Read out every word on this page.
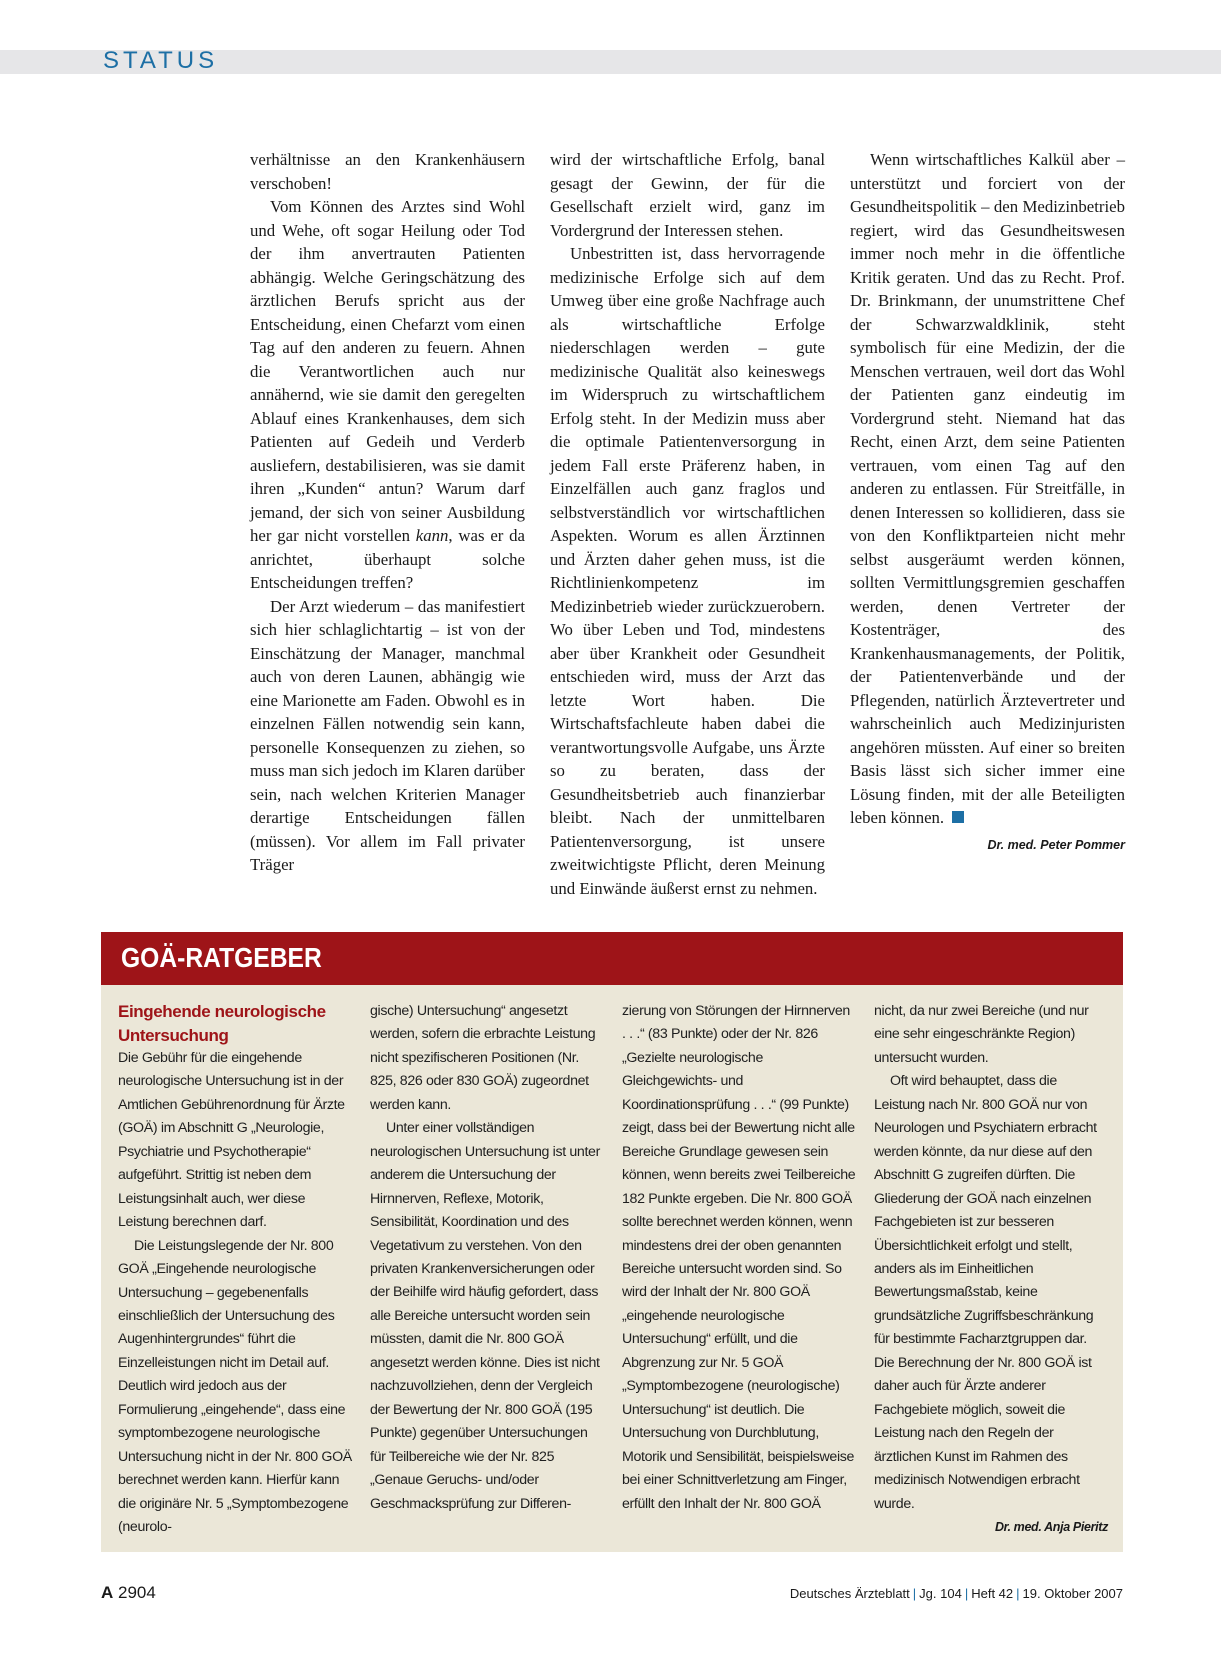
STATUS

verhältnisse an den Krankenhäusern verschoben!

Vom Können des Arztes sind Wohl und Wehe, oft sogar Heilung oder Tod der ihm anvertrauten Patienten abhängig. Welche Geringschätzung des ärztlichen Berufs spricht aus der Entscheidung, einen Chefarzt vom einen Tag auf den anderen zu feuern. Ahnen die Verantwortlichen auch nur annähernd, wie sie damit den geregelten Ablauf eines Krankenhauses, dem sich Patienten auf Gedeih und Verderb ausliefern, destabilisieren, was sie damit ihren „Kunden“ antun? Warum darf jemand, der sich von seiner Ausbildung her gar nicht vorstellen kann, was er da anrichtet, überhaupt solche Entscheidungen treffen?

Der Arzt wiederum – das manifestiert sich hier schlaglichtartig – ist von der Einschätzung der Manager, manchmal auch von deren Launen, abhängig wie eine Marionette am Faden. Obwohl es in einzelnen Fällen notwendig sein kann, personelle Konsequenzen zu ziehen, so muss man sich jedoch im Klaren darüber sein, nach welchen Kriterien Manager derartige Entscheidungen fällen (müssen). Vor allem im Fall privater Träger

wird der wirtschaftliche Erfolg, banal gesagt der Gewinn, der für die Gesellschaft erzielt wird, ganz im Vordergrund der Interessen stehen.

Unbestritten ist, dass hervorragende medizinische Erfolge sich auf dem Umweg über eine große Nachfrage auch als wirtschaftliche Erfolge niederschlagen werden – gute medizinische Qualität also keineswegs im Widerspruch zu wirtschaftlichem Erfolg steht. In der Medizin muss aber die optimale Patientenversorgung in jedem Fall erste Präferenz haben, in Einzelfällen auch ganz fraglos und selbstverständlich vor wirtschaftlichen Aspekten. Worum es allen Ärztinnen und Ärzten daher gehen muss, ist die Richtlinienkompetenz im Medizinbetrieb wieder zurückzuerobern. Wo über Leben und Tod, mindestens aber über Krankheit oder Gesundheit entschieden wird, muss der Arzt das letzte Wort haben. Die Wirtschaftsfachleute haben dabei die verantwortungsvolle Aufgabe, uns Ärzte so zu beraten, dass der Gesundheitsbetrieb auch finanzierbar bleibt. Nach der unmittelbaren Patientenversorgung, ist unsere zweitwichtigste Pflicht, deren Meinung und Einwände äußerst ernst zu nehmen.

Wenn wirtschaftliches Kalkül aber – unterstützt und forciert von der Gesundheitspolitik – den Medizinbetrieb regiert, wird das Gesundheitswesen immer noch mehr in die öffentliche Kritik geraten. Und das zu Recht. Prof. Dr. Brinkmann, der unumstrittene Chef der Schwarzwaldklinik, steht symbolisch für eine Medizin, der die Menschen vertrauen, weil dort das Wohl der Patienten ganz eindeutig im Vordergrund steht. Niemand hat das Recht, einen Arzt, dem seine Patienten vertrauen, vom einen Tag auf den anderen zu entlassen. Für Streitfälle, in denen Interessen so kollidieren, dass sie von den Konfliktparteien nicht mehr selbst ausgeräumt werden können, sollten Vermittlungsgremien geschaffen werden, denen Vertreter der Kostenträger, des Krankenhausmanagements, der Politik, der Patientenverbände und der Pflegenden, natürlich Ärztevertreter und wahrscheinlich auch Medizinjuristen angehören müssten. Auf einer so breiten Basis lässt sich sicher immer eine Lösung finden, mit der alle Beteiligten leben können.

Dr. med. Peter Pommer
GOÄ-RATGEBER
Eingehende neurologische Untersuchung

Die Gebühr für die eingehende neurologische Untersuchung ist in der Amtlichen Gebührenordnung für Ärzte (GOÄ) im Abschnitt G „Neurologie, Psychiatrie und Psychotherapie“ aufgeführt. Strittig ist neben dem Leistungsinhalt auch, wer diese Leistung berechnen darf.

Die Leistungslegende der Nr. 800 GOÄ „Eingehende neurologische Untersuchung – gegebenenfalls einschließlich der Untersuchung des Augenhintergrundes“ führt die Einzelleistungen nicht im Detail auf. Deutlich wird jedoch aus der Formulierung „eingehende“, dass eine symptombezogene neurologische Untersuchung nicht in der Nr. 800 GOÄ berechnet werden kann. Hierfür kann die originäre Nr. 5 „Symptombezogene (neurolo-

gische) Untersuchung“ angesetzt werden, sofern die erbrachte Leistung nicht spezifischeren Positionen (Nr. 825, 826 oder 830 GOÄ) zugeordnet werden kann.

Unter einer vollständigen neurologischen Untersuchung ist unter anderem die Untersuchung der Hirnnerven, Reflexe, Motorik, Sensibilität, Koordination und des Vegetativum zu verstehen. Von den privaten Krankenversicherungen oder der Beihilfe wird häufig gefordert, dass alle Bereiche untersucht worden sein müssten, damit die Nr. 800 GOÄ angesetzt werden könne. Dies ist nicht nachzuvollziehen, denn der Vergleich der Bewertung der Nr. 800 GOÄ (195 Punkte) gegenüber Untersuchungen für Teilbereiche wie der Nr. 825 „Genaue Geruchs- und/oder Geschmacksprüfung zur Differen-

zierung von Störungen der Hirnnerven . . .“ (83 Punkte) oder der Nr. 826 „Gezielte neurologische Gleichgewichts- und Koordinationsprüfung . . .“ (99 Punkte) zeigt, dass bei der Bewertung nicht alle Bereiche Grundlage gewesen sein können, wenn bereits zwei Teilbereiche 182 Punkte ergeben. Die Nr. 800 GOÄ sollte berechnet werden können, wenn mindestens drei der oben genannten Bereiche untersucht worden sind. So wird der Inhalt der Nr. 800 GOÄ „eingehende neurologische Untersuchung“ erfüllt, und die Abgrenzung zur Nr. 5 GOÄ „Symptombezogene (neurologische) Untersuchung“ ist deutlich. Die Untersuchung von Durchblutung, Motorik und Sensibilität, beispielsweise bei einer Schnittverletzung am Finger, erfüllt den Inhalt der Nr. 800 GOÄ

nicht, da nur zwei Bereiche (und nur eine sehr eingeschränkte Region) untersucht wurden.

Oft wird behauptet, dass die Leistung nach Nr. 800 GOÄ nur von Neurologen und Psychiatern erbracht werden könnte, da nur diese auf den Abschnitt G zugreifen dürften. Die Gliederung der GOÄ nach einzelnen Fachgebieten ist zur besseren Übersichtlichkeit erfolgt und stellt, anders als im Einheitlichen Bewertungsmaßstab, keine grundsätzliche Zugriffsbeschränkung für bestimmte Facharztgruppen dar. Die Berechnung der Nr. 800 GOÄ ist daher auch für Ärzte anderer Fachgebiete möglich, soweit die Leistung nach den Regeln der ärztlichen Kunst im Rahmen des medizinisch Notwendigen erbracht wurde.

Dr. med. Anja Pieritz
A 2904	Deutsches Ärzteblatt | Jg. 104 | Heft 42 | 19. Oktober 2007
